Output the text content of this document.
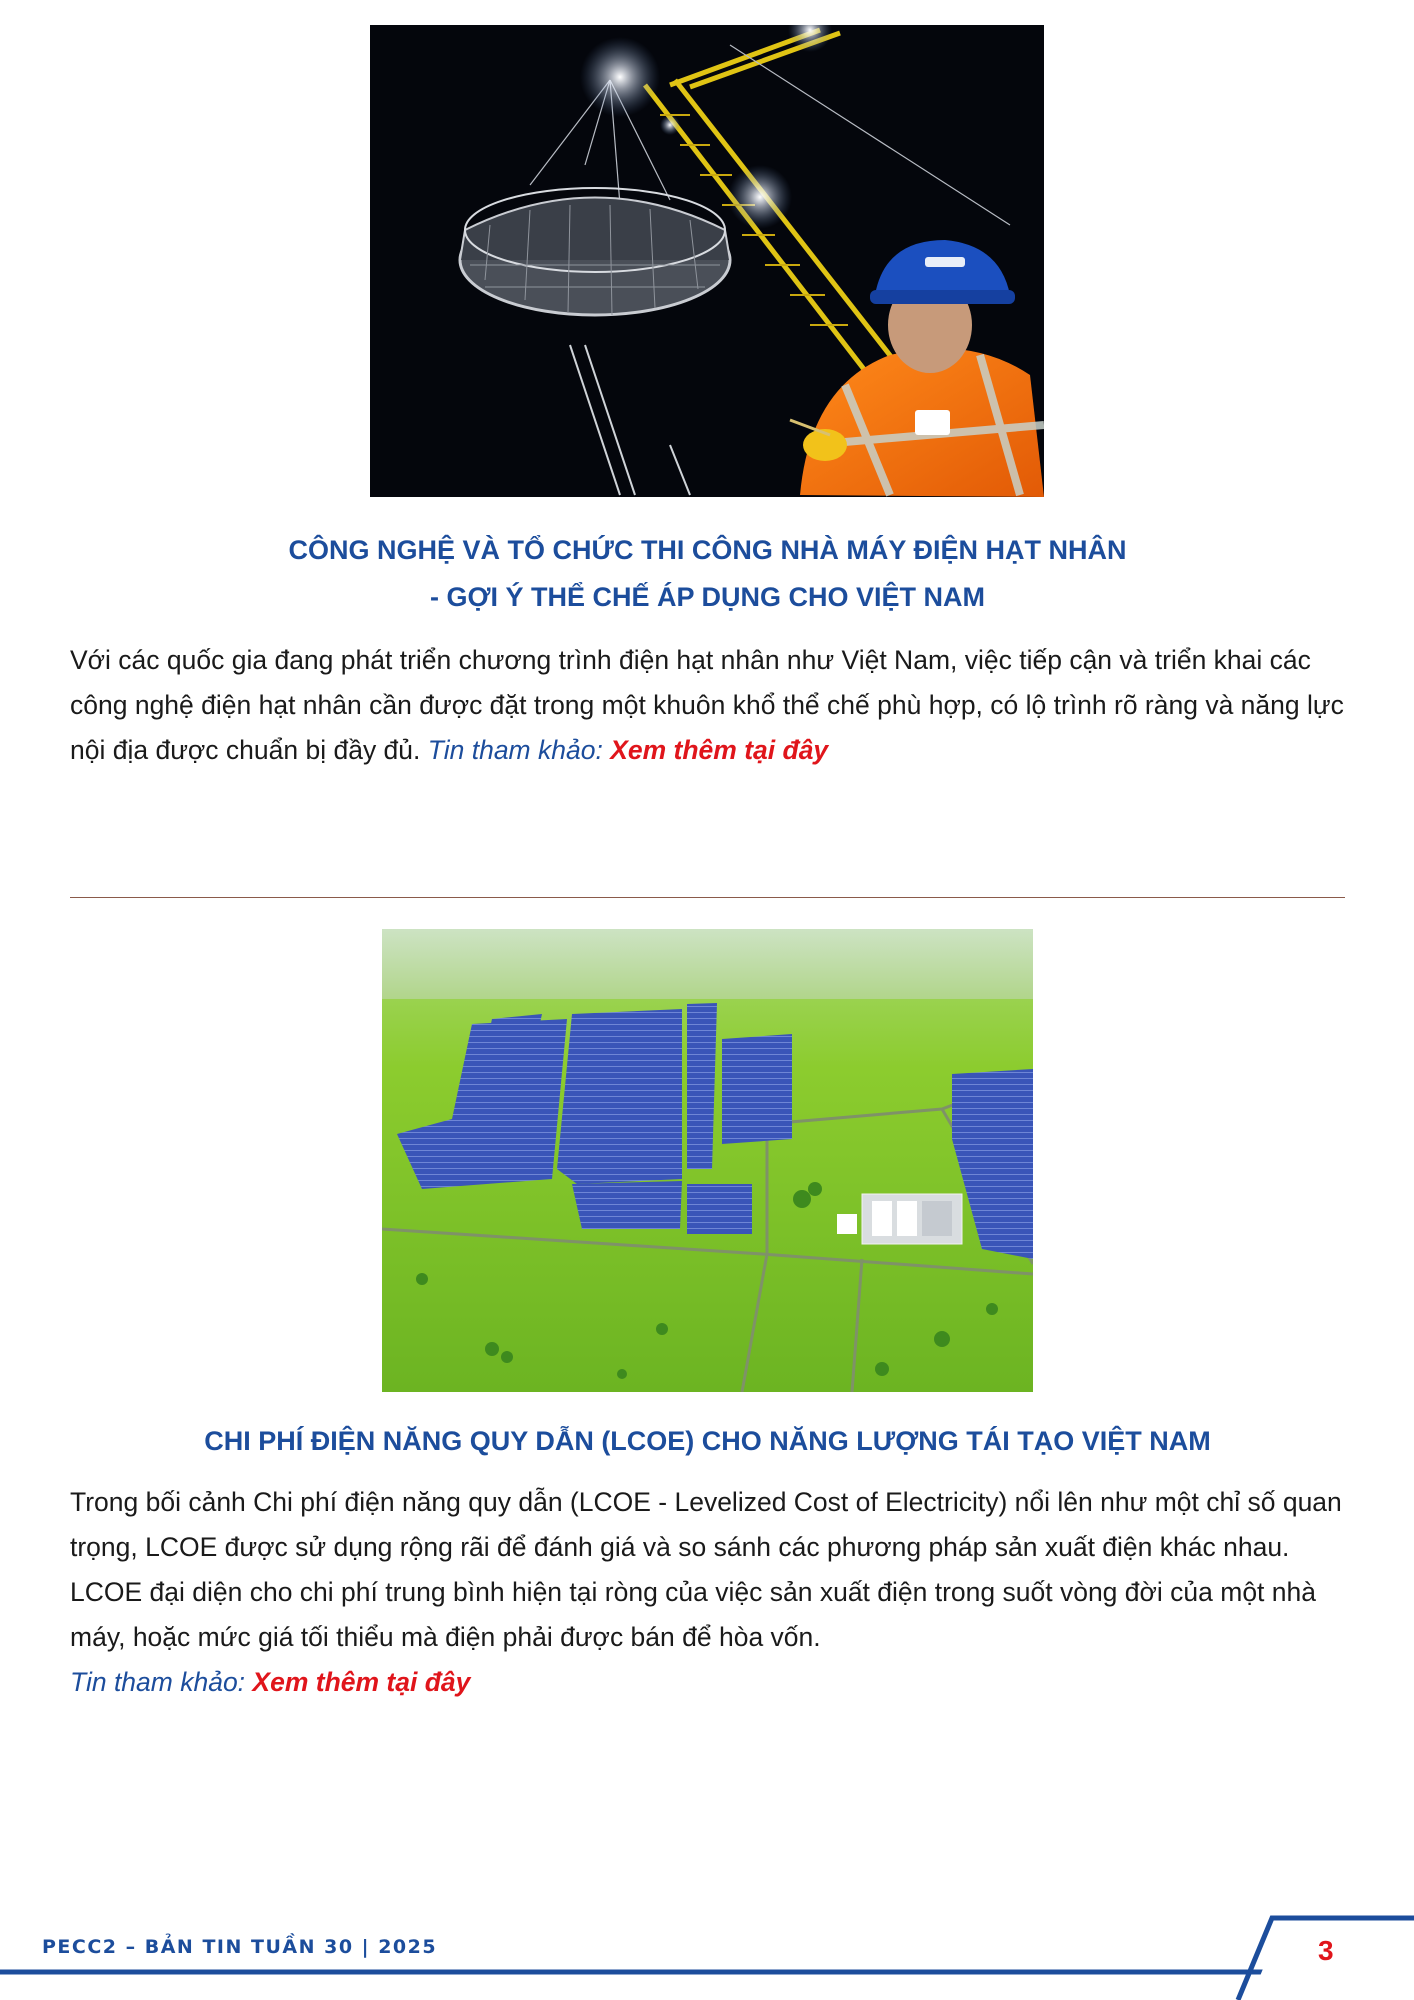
CÔNG NGHỆ VÀ TỔ CHỨC THI CÔNG NHÀ MÁY ĐIỆN HẠT NHÂN
- GỢI Ý THỂ CHẾ ÁP DỤNG CHO VIỆT NAM
Với các quốc gia đang phát triển chương trình điện hạt nhân như Việt Nam, việc tiếp cận và triển khai các công nghệ điện hạt nhân cần được đặt trong một khuôn khổ thể chế phù hợp, có lộ trình rõ ràng và năng lực nội địa được chuẩn bị đầy đủ. Tin tham khảo: Xem thêm tại đây
CHI PHÍ ĐIỆN NĂNG QUY DẪN (LCOE) CHO NĂNG LƯỢNG TÁI TẠO VIỆT NAM
Trong bối cảnh Chi phí điện năng quy dẫn (LCOE - Levelized Cost of Electricity) nổi lên như một chỉ số quan trọng, LCOE được sử dụng rộng rãi để đánh giá và so sánh các phương pháp sản xuất điện khác nhau. LCOE đại diện cho chi phí trung bình hiện tại ròng của việc sản xuất điện trong suốt vòng đời của một nhà máy, hoặc mức giá tối thiểu mà điện phải được bán để hòa vốn.
Tin tham khảo: Xem thêm tại đây
PECC2 – BẢN TIN TUẦN 30 | 2025	3
